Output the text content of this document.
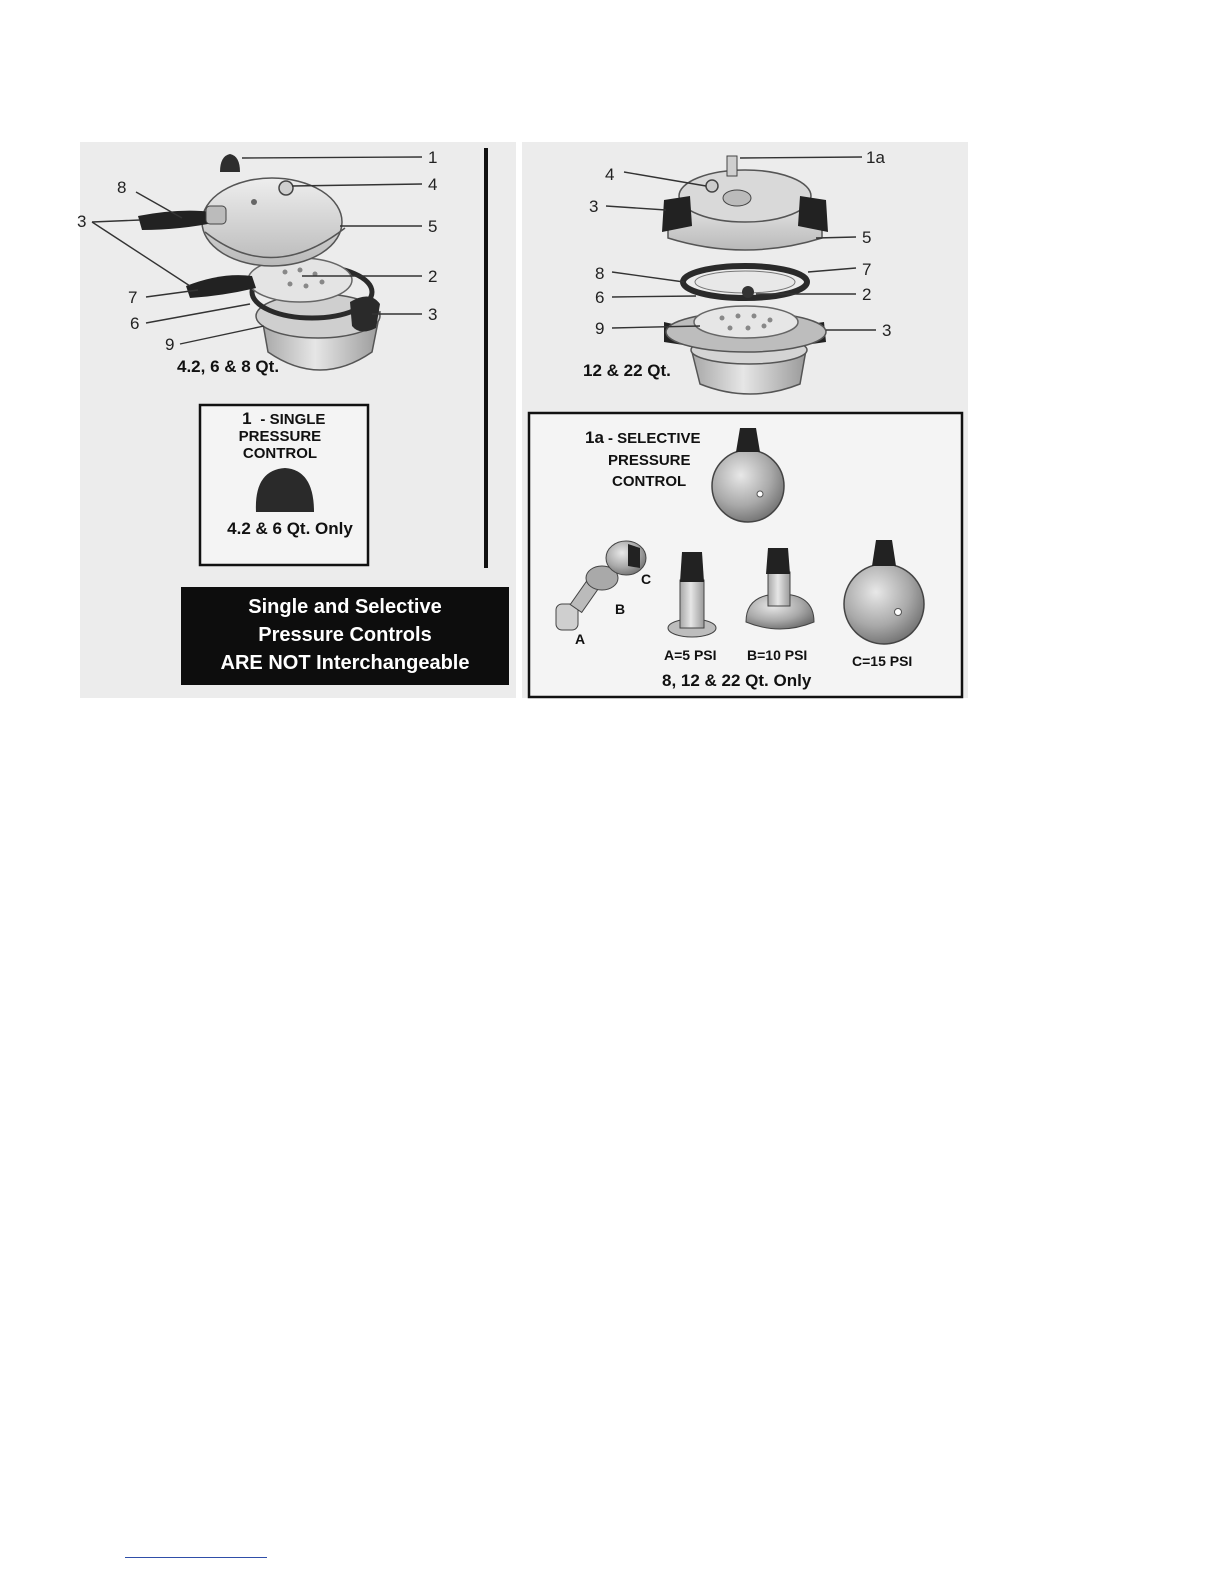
1
4
5
2
3
8
3
7
6
9
4.2, 6 & 8 Qt.
1 - SINGLE PRESSURE CONTROL
4.2 & 6 Qt. Only
Single and Selective
Pressure Controls
ARE NOT Interchangeable
1a
4
3
5
7
2
3
8
6
9
12 & 22 Qt.
1a - SELECTIVE PRESSURE CONTROL
A
B
C
A=5 PSI B=10 PSI	C=15 PSI
8, 12 & 22 Qt. Only
